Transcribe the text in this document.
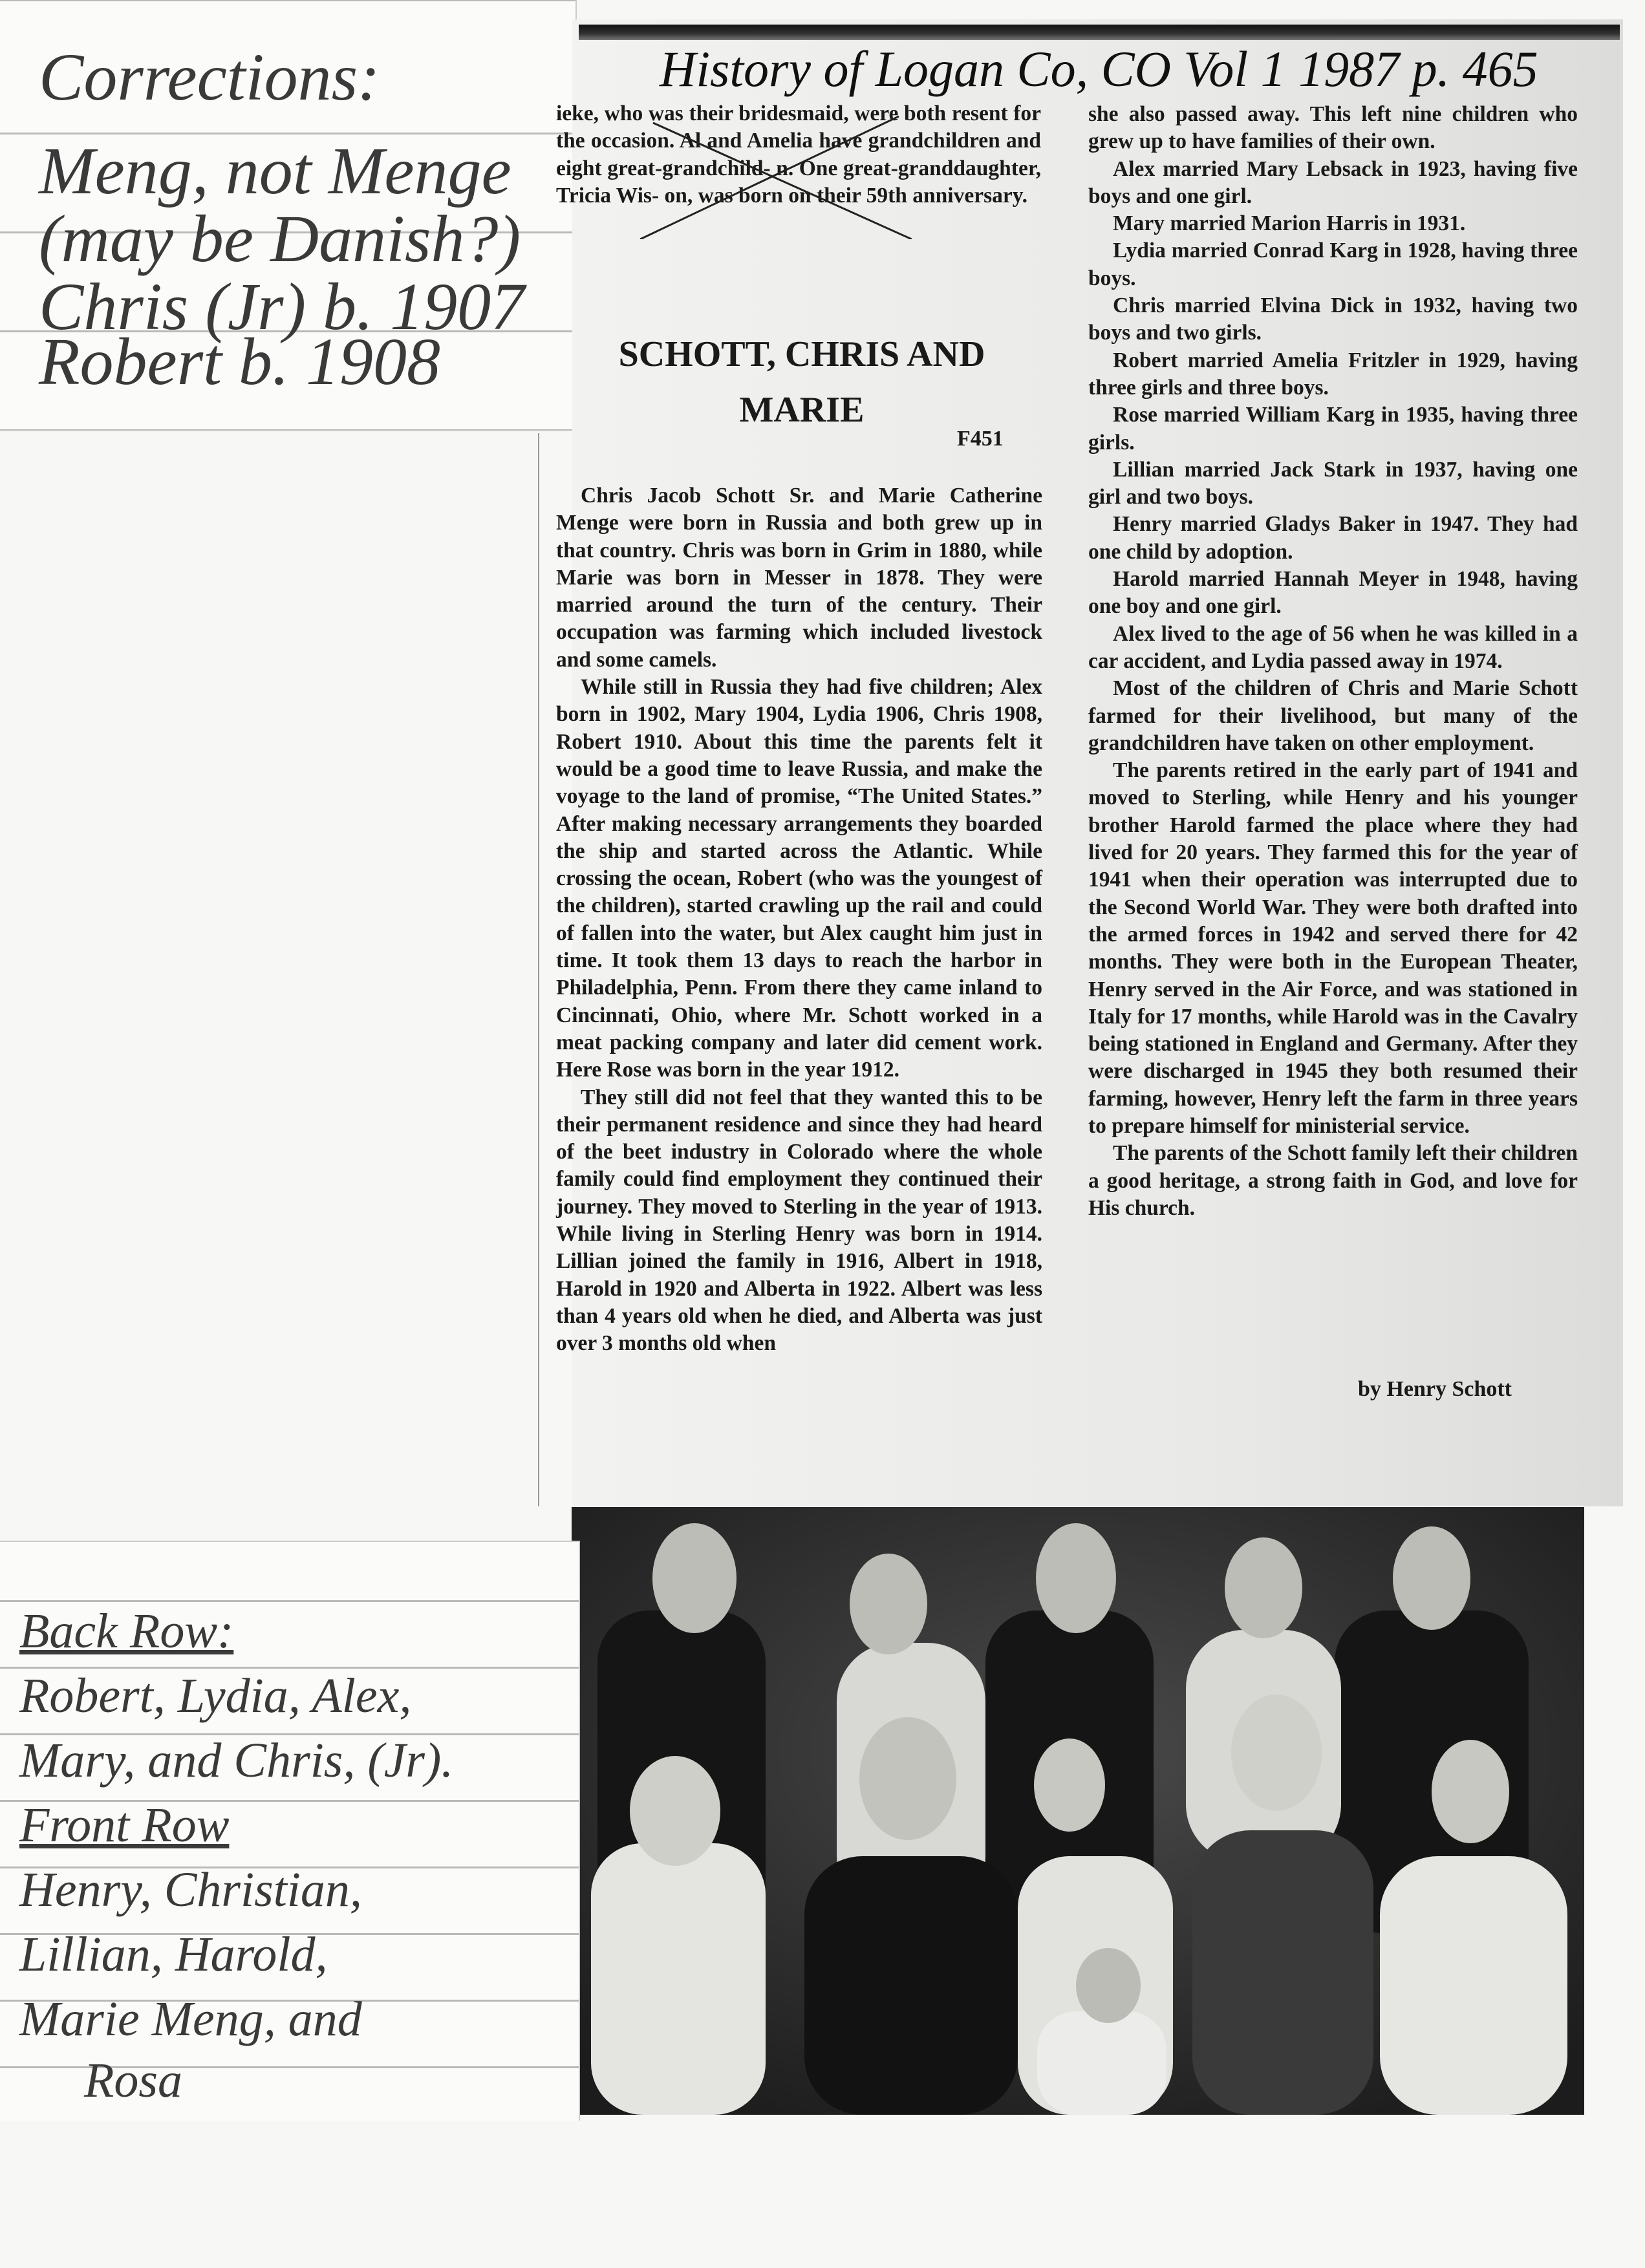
Corrections:
Meng, not Menge
(may be Danish?)
Chris (Jr) b. 1907
Robert b. 1908
History of Logan Co, CO Vol 1 1987 p. 465

ieke, who was their bridesmaid, were both resent for the occasion. Al and Amelia have grandchildren and eight great-grandchild- n. One great-granddaughter, Tricia Wis- on, was born on their 59th anniversary.

SCHOTT, CHRIS AND
MARIE
F451

Chris Jacob Schott Sr. and Marie Catherine Menge were born in Russia and both grew up in that country. Chris was born in Grim in 1880, while Marie was born in Messer in 1878. They were married around the turn of the century. Their occupation was farming which included livestock and some camels.

While still in Russia they had five children; Alex born in 1902, Mary 1904, Lydia 1906, Chris 1908, Robert 1910. About this time the parents felt it would be a good time to leave Russia, and make the voyage to the land of promise, “The United States.” After making necessary arrangements they boarded the ship and started across the Atlantic. While crossing the ocean, Robert (who was the youngest of the children), started crawling up the rail and could of fallen into the water, but Alex caught him just in time. It took them 13 days to reach the harbor in Philadelphia, Penn. From there they came inland to Cincinnati, Ohio, where Mr. Schott worked in a meat packing company and later did cement work. Here Rose was born in the year 1912.

They still did not feel that they wanted this to be their permanent residence and since they had heard of the beet industry in Colorado where the whole family could find employment they continued their journey. They moved to Sterling in the year of 1913. While living in Sterling Henry was born in 1914. Lillian joined the family in 1916, Albert in 1918, Harold in 1920 and Alberta in 1922. Albert was less than 4 years old when he died, and Alberta was just over 3 months old when

she also passed away. This left nine children who grew up to have families of their own.

Alex married Mary Lebsack in 1923, having five boys and one girl.

Mary married Marion Harris in 1931.

Lydia married Conrad Karg in 1928, having three boys.

Chris married Elvina Dick in 1932, having two boys and two girls.

Robert married Amelia Fritzler in 1929, having three girls and three boys.

Rose married William Karg in 1935, having three girls.

Lillian married Jack Stark in 1937, having one girl and two boys.

Henry married Gladys Baker in 1947. They had one child by adoption.

Harold married Hannah Meyer in 1948, having one boy and one girl.

Alex lived to the age of 56 when he was killed in a car accident, and Lydia passed away in 1974.

Most of the children of Chris and Marie Schott farmed for their livelihood, but many of the grandchildren have taken on other employment.

The parents retired in the early part of 1941 and moved to Sterling, while Henry and his younger brother Harold farmed the place where they had lived for 20 years. They farmed this for the year of 1941 when their operation was interrupted due to the Second World War. They were both drafted into the armed forces in 1942 and served there for 42 months. They were both in the European Theater, Henry served in the Air Force, and was stationed in Italy for 17 months, while Harold was in the Cavalry being stationed in England and Germany. After they were discharged in 1945 they both resumed their farming, however, Henry left the farm in three years to prepare himself for ministerial service.

The parents of the Schott family left their children a good heritage, a strong faith in God, and love for His church.

by Henry Schott
Back Row:
Robert, Lydia, Alex,
Mary, and Chris, (Jr).
Front Row
Henry, Christian,
Lillian, Harold,
Marie Meng, and
Rosa
